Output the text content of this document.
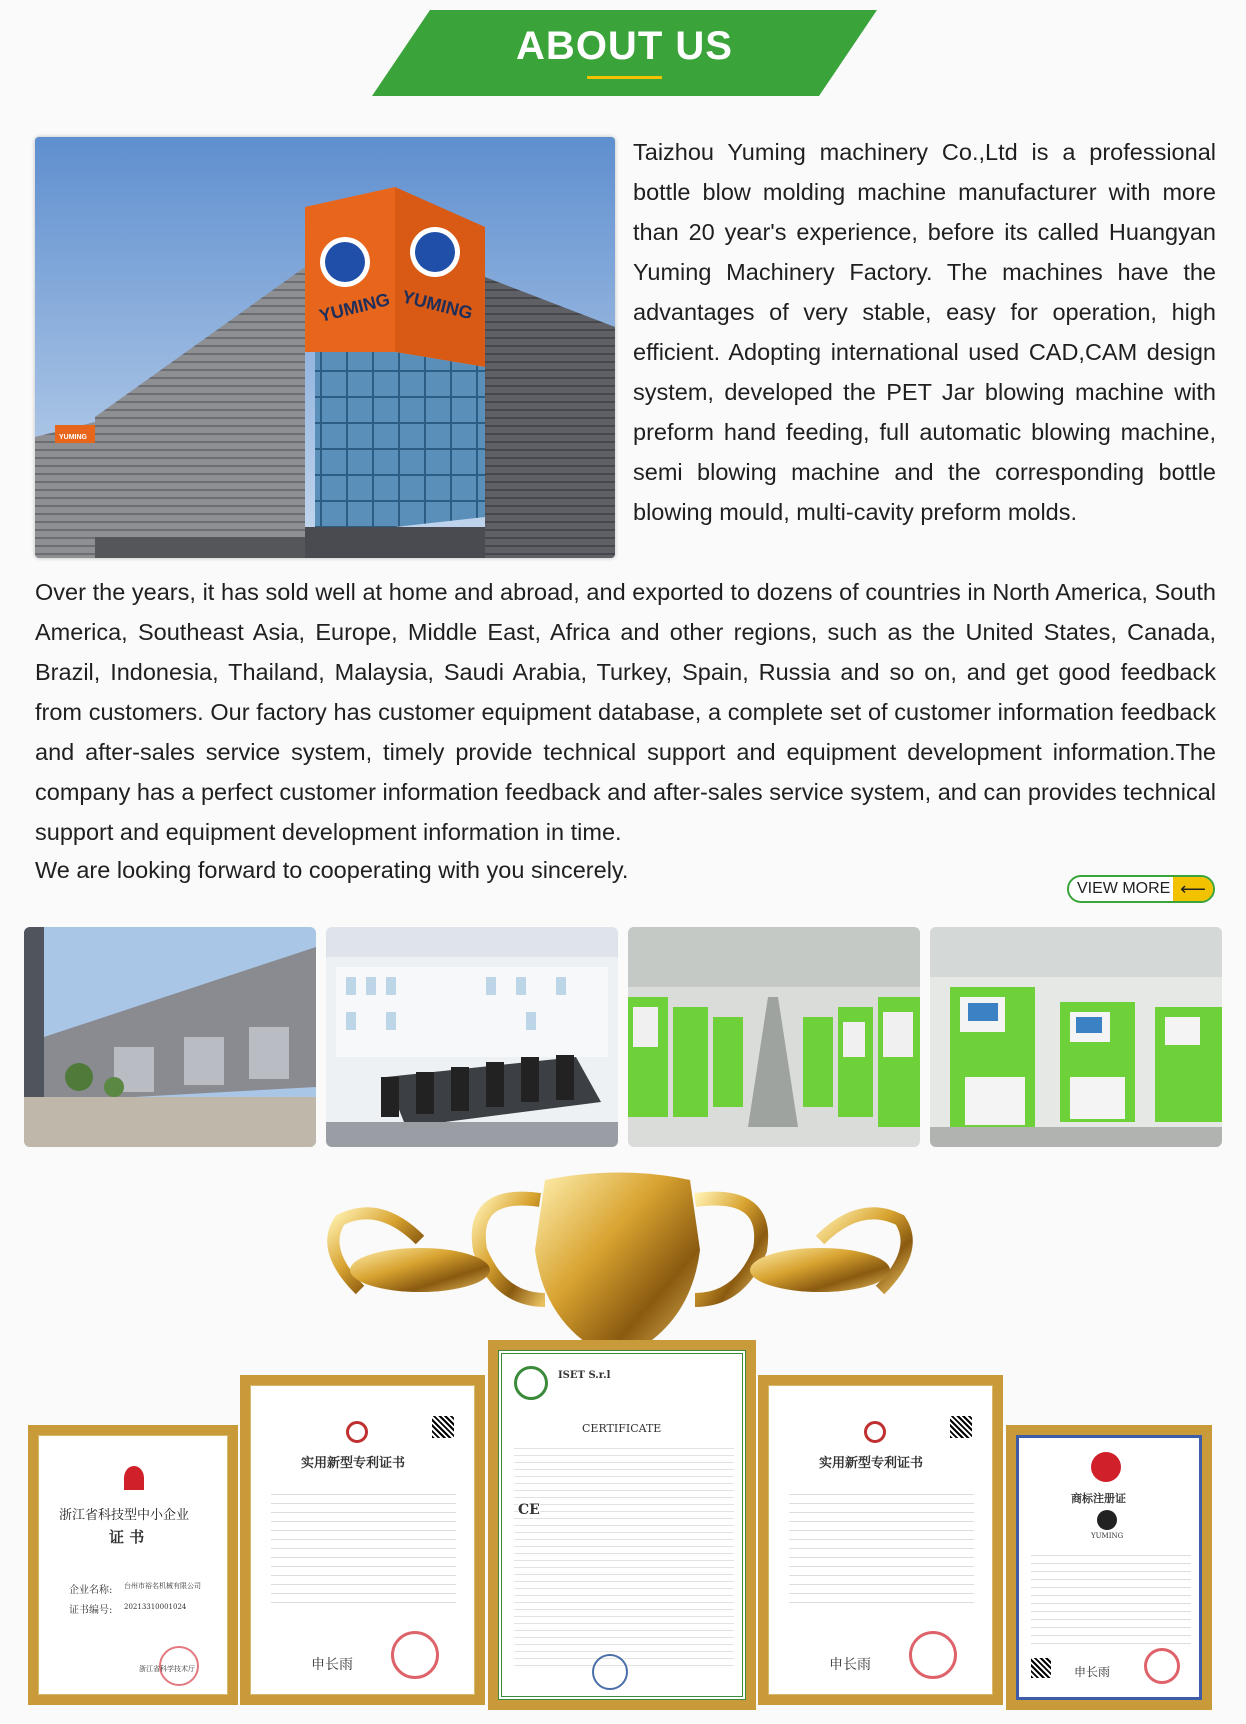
ABOUT US
YUMING YUMING
YUMING

Taizhou Yuming machinery Co.,Ltd is a professional bottle blow molding machine manufacturer with more than 20 year's experience, before its called Huangyan Yuming Machinery Factory. The machines have the advantages of very stable, easy for operation, high efficient. Adopting international used CAD,CAM design system, developed the PET Jar blowing machine with preform hand feeding, full automatic blowing machine, semi blowing machine and the corresponding bottle blowing mould, multi-cavity preform molds.

Over the years, it has sold well at home and abroad, and exported to dozens of countries in North America, South America, Southeast Asia, Europe, Middle East, Africa and other regions, such as the United States, Canada, Brazil, Indonesia, Thailand, Malaysia, Saudi Arabia, Turkey, Spain, Russia and so on, and get good feedback from customers. Our factory has customer equipment database, a complete set of customer information feedback and after-sales service system, timely provide technical support and equipment development information.The company has a perfect customer information feedback and after-sales service system, and can provides technical support and equipment development information in time.

We are looking forward to cooperating with you sincerely.

VIEW MORE ⟵
浙江省科技型中小企业
证 书
企业名称: 台州市裕名机械有限公司
证书编号: 20213310001024
浙江省科学技术厅
实用新型专利证书
申长雨
ISET S.r.l
CERTIFICATE
CE
实用新型专利证书
申长雨
商标注册证
YUMING
申长雨
